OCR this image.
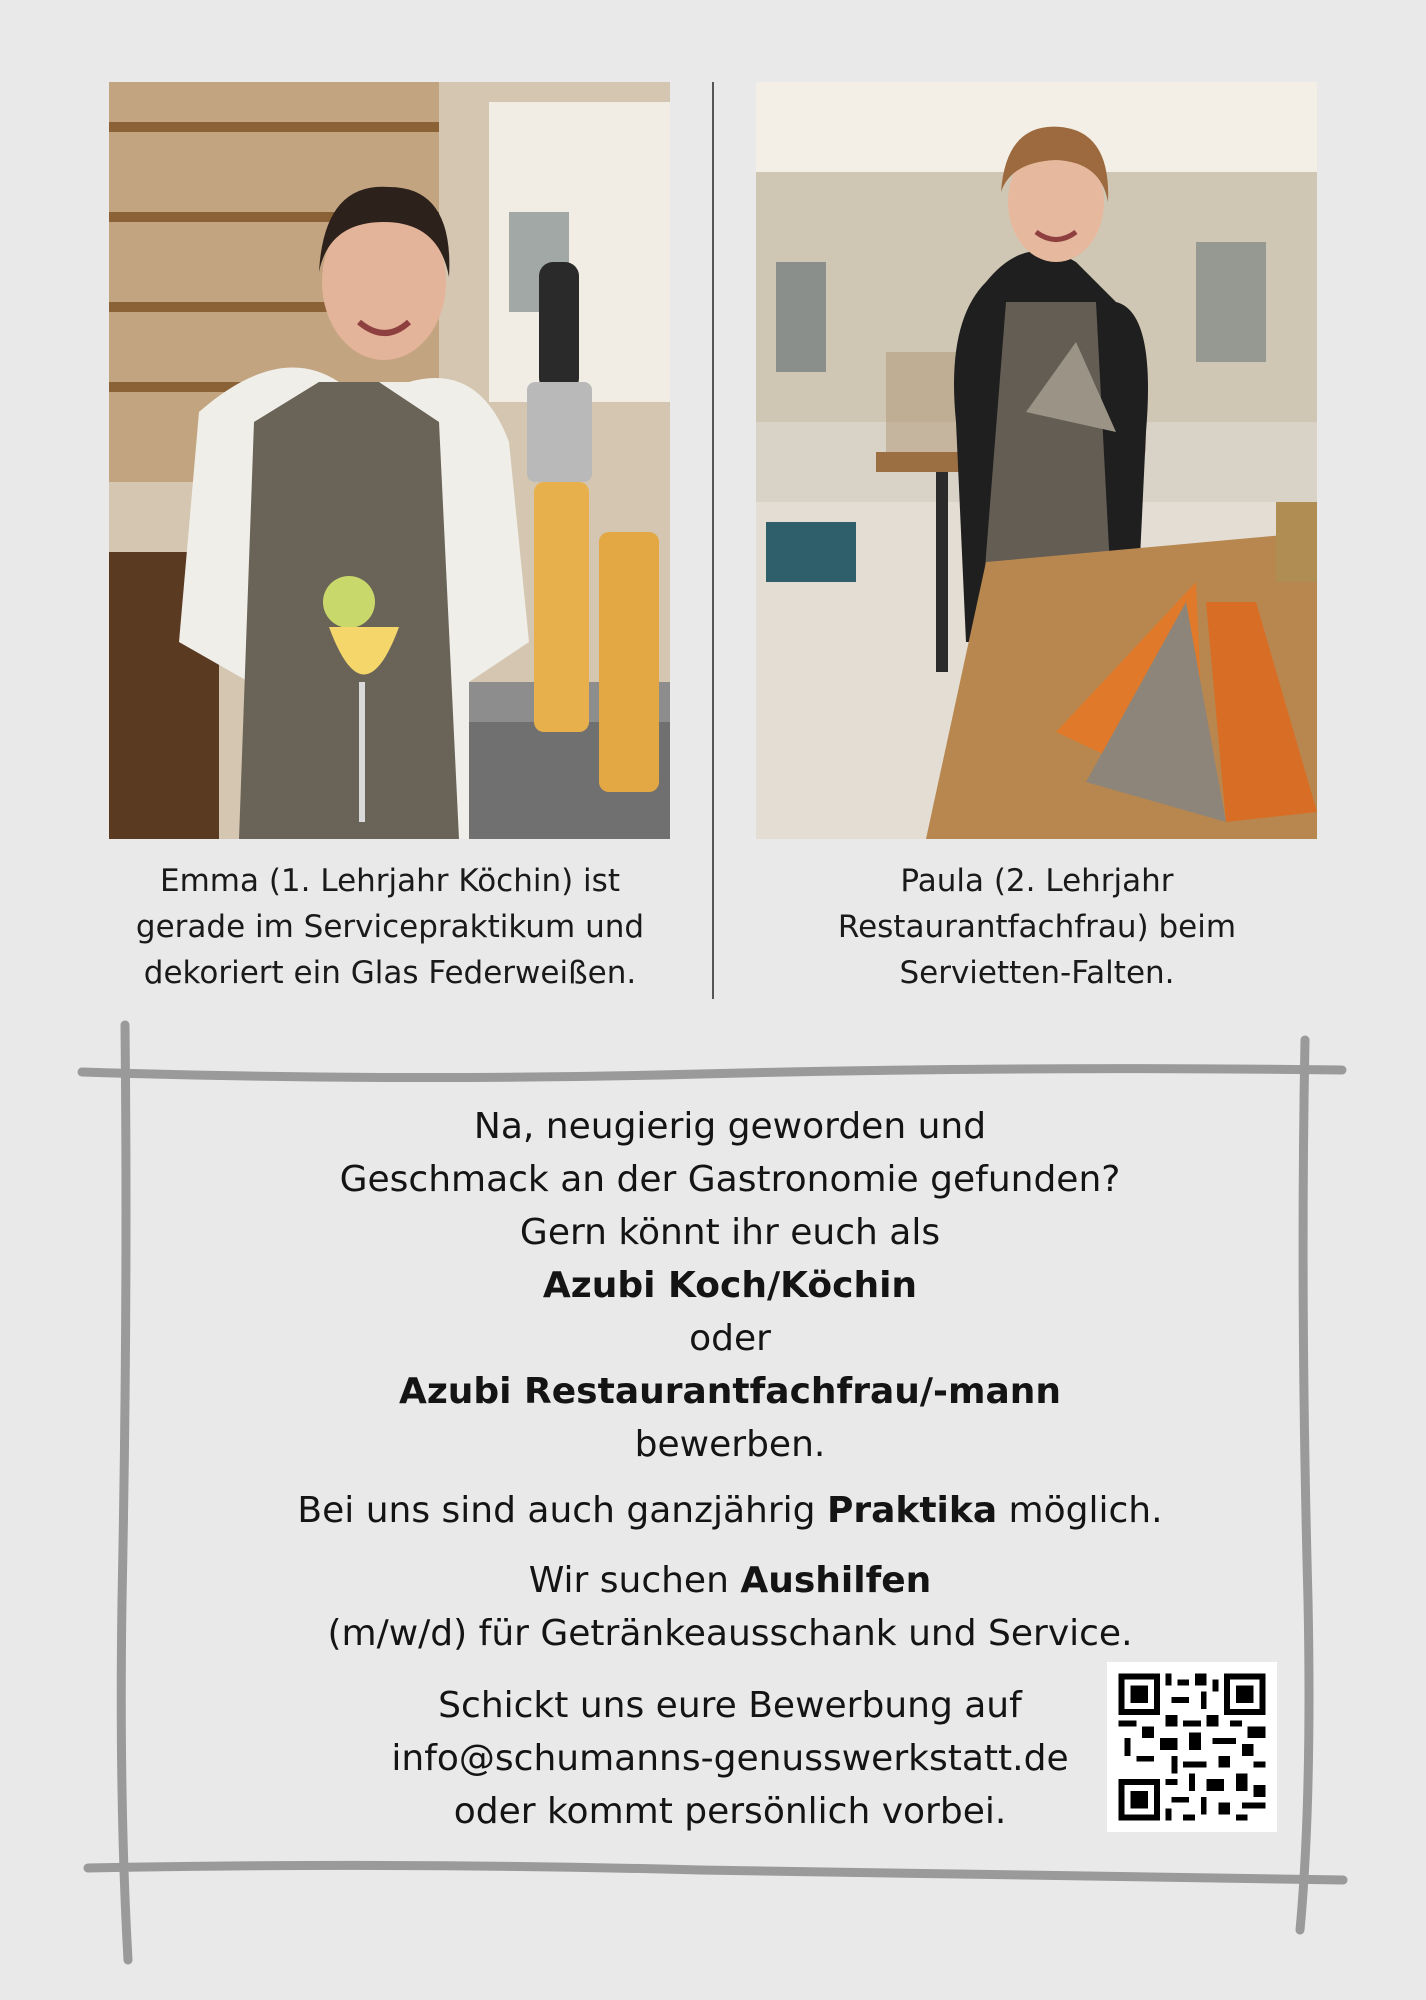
Emma (1. Lehrjahr Köchin) ist
gerade im Servicepraktikum und
dekoriert ein Glas Federweißen.
Paula (2. Lehrjahr
Restaurantfachfrau) beim
Servietten-Falten.
Na, neugierig geworden und
Geschmack an der Gastronomie gefunden?
Gern könnt ihr euch als
Azubi Koch/Köchin
oder
Azubi Restaurantfachfrau/-mann
bewerben.
Bei uns sind auch ganzjährig Praktika möglich.
Wir suchen Aushilfen
(m/w/d) für Getränkeausschank und Service.
Schickt uns eure Bewerbung auf
info@schumanns-genusswerkstatt.de
oder kommt persönlich vorbei.
